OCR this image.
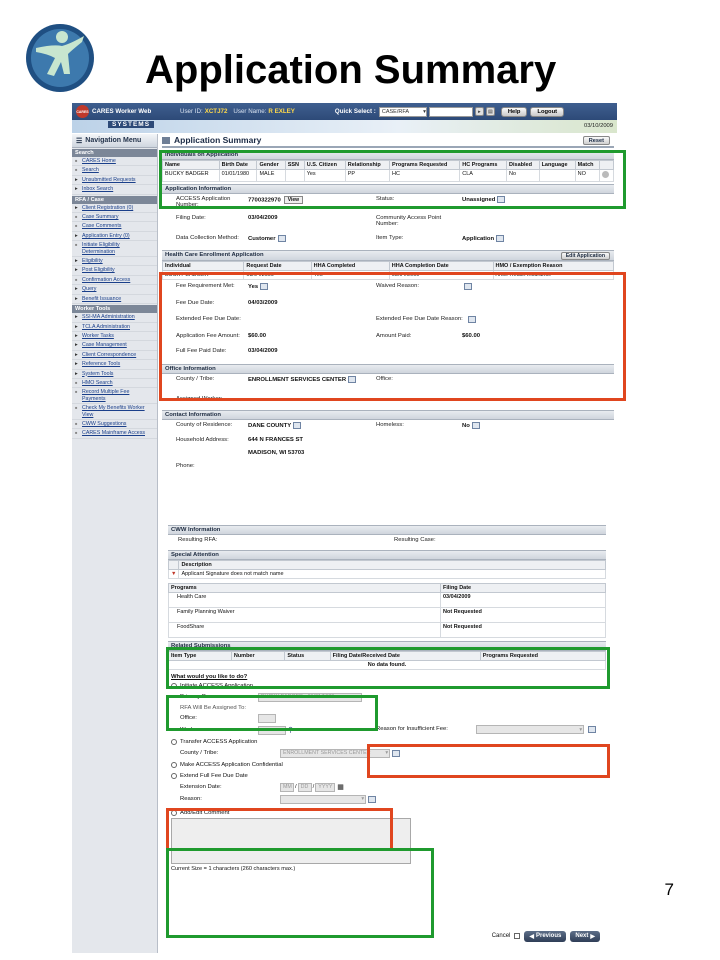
Application Summary
7
CARES CARES Worker Web	User ID: XCTJ72 User Name: R EXLEY	Quick Select : CASE/RFA	▾	▸	▤	Help	Logout
SYSTEMS	03/10/2009
☰ Navigation Menu
Search
■ CARES Home
■ Search
▸ Unsubmitted Requests
▸ Inbox Search
RFA / Case
▸ Client Registration (0)
■ Case Summary
■ Case Comments
▸ Application Entry (0)
■ Initiate Eligibility Determination
▸ Eligibility
▸ Post Eligibility
■ Confirmation Access
▸ Query
▸ Benefit Issuance
Worker Tools
▸ SSI-MA Administration
▸ TCLA Administration
▸ Worker Tasks
▸ Case Management
▸ Client Correspondence
▸ Reference Tools
▸ System Tools
■ HMO Search
■ Record Multiple Fee Payments
■ Check My Benefits Worker View
■ CWW Suggestions
■ CARES Mainframe Access
Application Summary	Reset
Individuals on Application
Name	Birth Date	Gender	SSN	U.S. Citizen	Relationship	Programs Requested	HC Programs	Disabled	Language	Match	
BUCKY BADGER	01/01/1980	MALE		Yes	PP	HC	CLA	No		NO	
Application Information
ACCESS Application Number:
7700322970 View	Status:	Unassigned
Filing Date:	03/04/2009	Community Access Point Number:
Data Collection Method:	Customer	Item Type:	Application
Health Care Enrollment Application	Edit Application
Individual	Request Date	HHA Completed	HHA Completion Date	HMO / Exemption Reason
BUCKY BADGER	03/04/2009	Yes	03/04/2009	Arise Health Insurance
Fee Requirement Met:	Yes	Waived Reason:
Fee Due Date:	04/03/2009
Extended Fee Due Date:	Extended Fee Due Date Reason:
Application Fee Amount:	$60.00	Amount Paid:	$60.00
Full Fee Paid Date:	03/04/2009
Office Information
County / Tribe:	ENROLLMENT SERVICES CENTER	Office:
Assigned Worker:
Contact Information
County of Residence:	DANE COUNTY	Homeless:	No
Household Address:	644 N FRANCES ST
MADISON, WI 53703
Phone:
CWW Information
Resulting RFA:	Resulting Case:
Special Attention
	Description
▼	Applicant Signature does not match name
Programs	Filing Date
Health Care	03/04/2009
Family Planning Waiver	Not Requested
FoodShare	Not Requested
Related Submissions
Item Type	Number	Status	Filing Date/Received Date	Programs Requested
No data found.
What would you like to do?
Initiate ACCESS Application
Primary Person:	BUCKY BADGER - 01/01/1980	▾
RFA Will Be Assigned To:
Office:
Worker:	⚲	Reason for Insufficient Fee:	▾
Transfer ACCESS Application
County / Tribe:	ENROLLMENT SERVICES CENTER	▾
Make ACCESS Application Confidential
Extend Full Fee Due Date
Extension Date:	MM / DD / YYYY ▦
Reason:	▾
Add/Edit Comment
Current Size = 1 characters (260 characters max.)
Cancel	◀ Previous Next ▶
